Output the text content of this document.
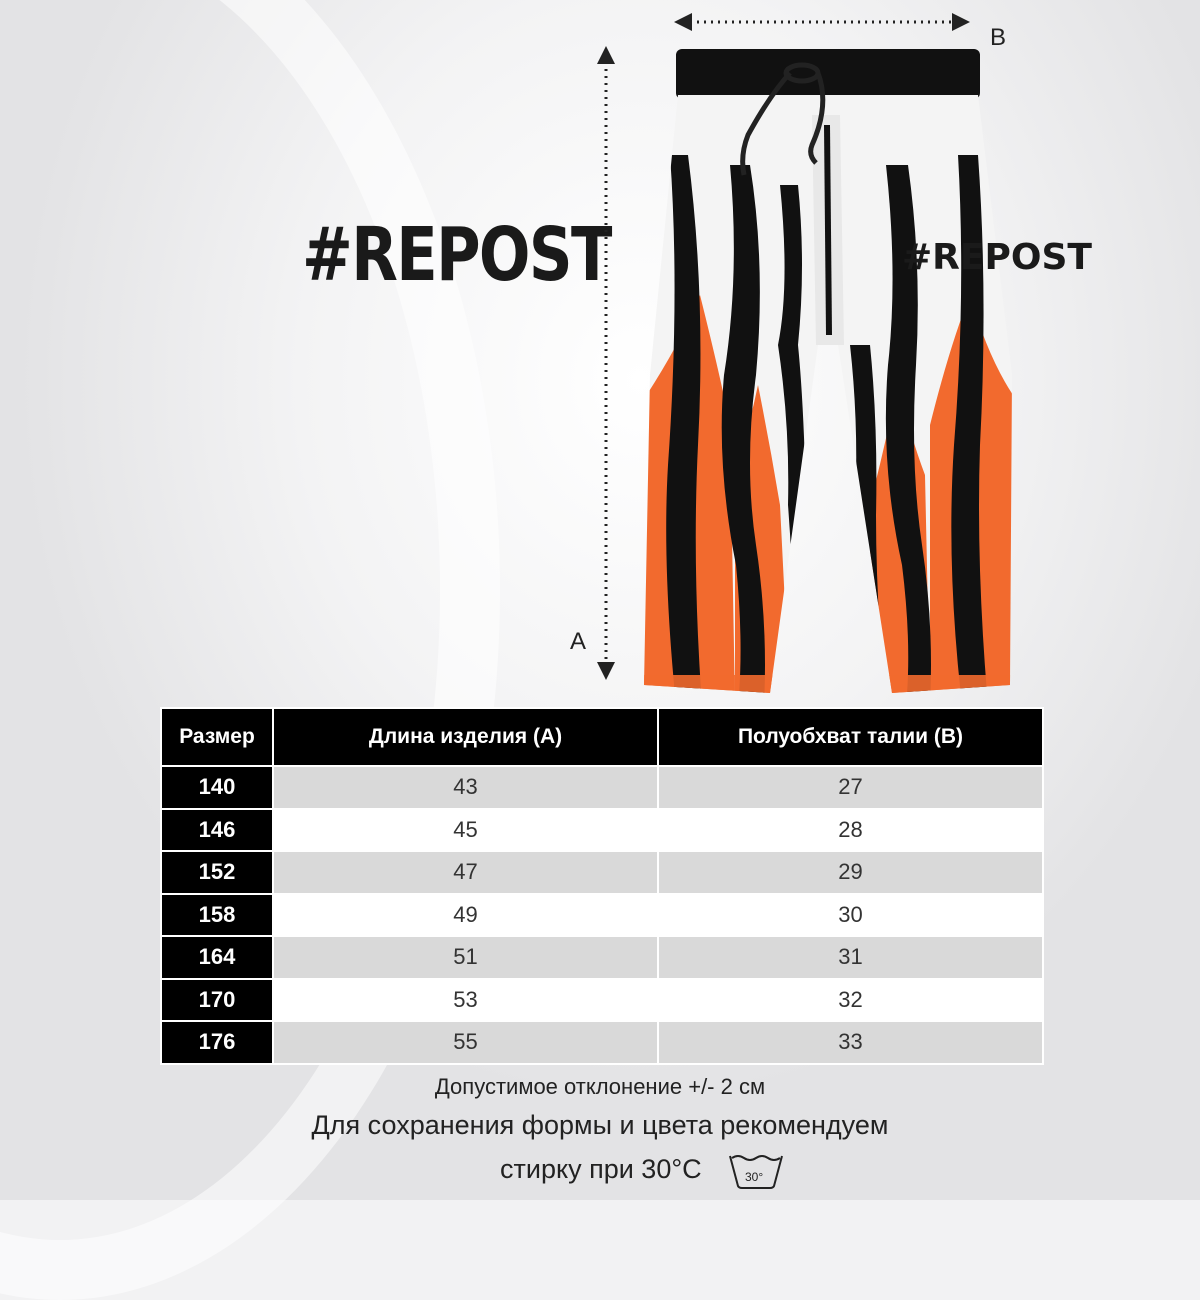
#REPOST
A
B
#REPOST
Размер	Длина изделия (А)	Полуобхват талии (В)
140	43	27
146	45	28
152	47	29
158	49	30
164	51	31
170	53	32
176	55	33
Допустимое отклонение +/- 2 см
Для сохранения формы и цвета рекомендуем
стирку при 30°С	30°
